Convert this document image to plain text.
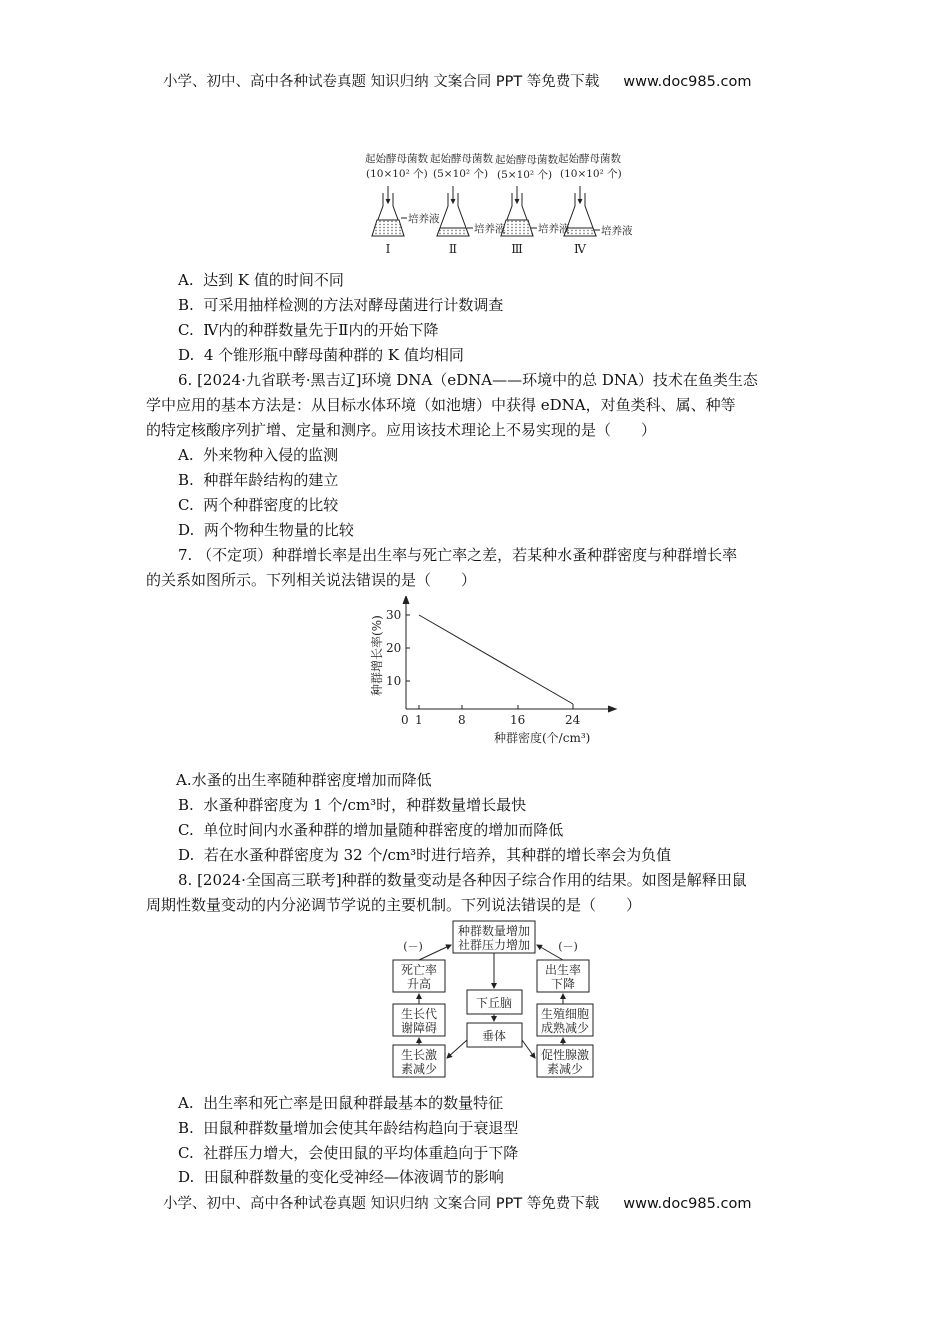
小学、初中、高中各种试卷真题 知识归纳 文案合同 PPT 等免费下载 www.doc985.com
起始酵母菌数
(10×10² 个)
起始酵母菌数
(5×10² 个)
起始酵母菌数
(5×10² 个)
起始酵母菌数
(10×10² 个)
培养液
培养液	培养液	培养液
Ⅰ	Ⅱ	Ⅲ	Ⅳ
A. 达到 K 值的时间不同
B. 可采用抽样检测的方法对酵母菌进行计数调查
C. Ⅳ内的种群数量先于Ⅱ内的开始下降
D. 4 个锥形瓶中酵母菌种群的 K 值均相同
6. [2024·九省联考·黑吉辽]环境 DNA（eDNA——环境中的总 DNA）技术在鱼类生态
学中应用的基本方法是：从目标水体环境（如池塘）中获得 eDNA，对鱼类科、属、种等
的特定核酸序列扩增、定量和测序。应用该技术理论上不易实现的是（　　）
A. 外来物种入侵的监测
B. 种群年龄结构的建立
C. 两个种群密度的比较
D. 两个物种生物量的比较
7. （不定项）种群增长率是出生率与死亡率之差，若某种水蚤种群密度与种群增长率
的关系如图所示。下列相关说法错误的是（　　）
30
20
10
0 1	8	16	24
种群密度(个/cm³)
种群增长率(%)
A.水蚤的出生率随种群密度增加而降低
B. 水蚤种群密度为 1 个/cm³时，种群数量增长最快
C. 单位时间内水蚤种群的增加量随种群密度的增加而降低
D. 若在水蚤种群密度为 32 个/cm³时进行培养，其种群的增长率会为负值
8. [2024·全国高三联考]种群的数量变动是各种因子综合作用的结果。如图是解释田鼠
周期性数量变动的内分泌调节学说的主要机制。下列说法错误的是（　　）
种群数量增加
社群压力增加
死亡率
升高
生长代
谢障碍
生长激
素减少
下丘脑
垂体
出生率
下降
生殖细胞
成熟减少
促性腺激
素减少
(－)	(－)
A. 出生率和死亡率是田鼠种群最基本的数量特征
B. 田鼠种群数量增加会使其年龄结构趋向于衰退型
C. 社群压力增大，会使田鼠的平均体重趋向于下降
D. 田鼠种群数量的变化受神经—体液调节的影响
小学、初中、高中各种试卷真题 知识归纳 文案合同 PPT 等免费下载 www.doc985.com
